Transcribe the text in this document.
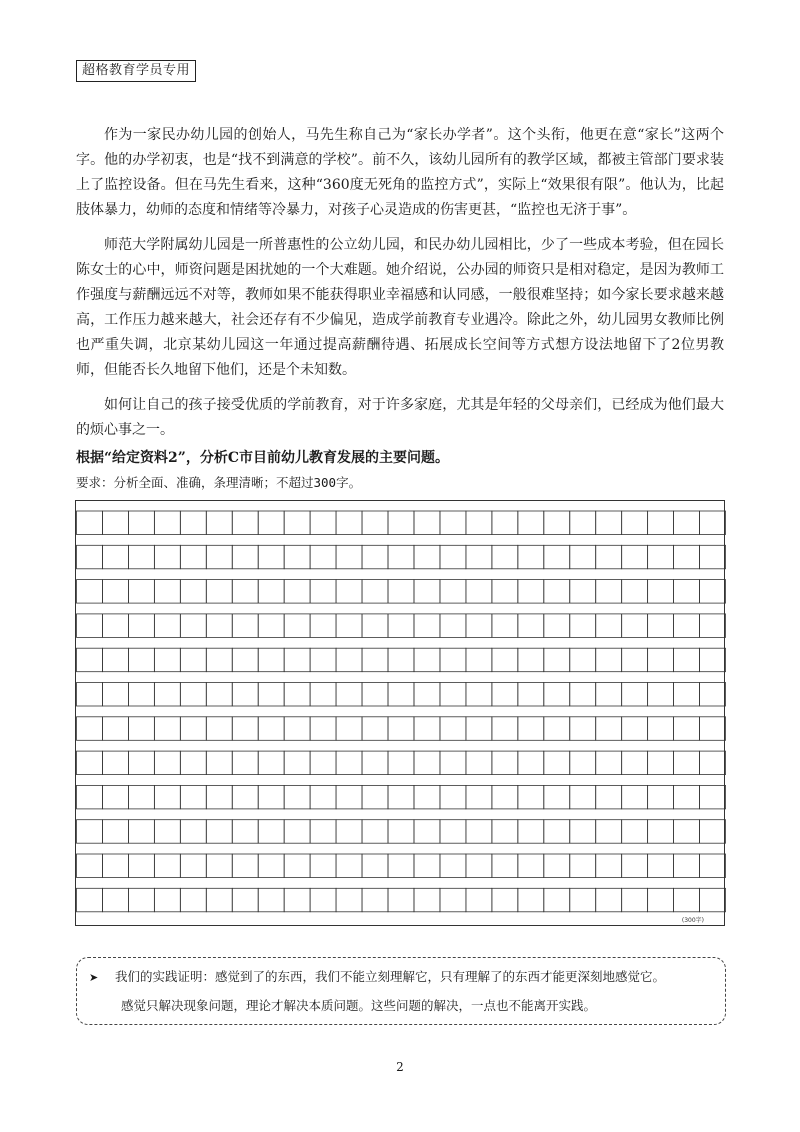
超格教育学员专用

作为一家民办幼儿园的创始人，马先生称自己为“家长办学者”。这个头衔，他更在意“家长”这两个字。他的办学初衷，也是“找不到满意的学校”。前不久，该幼儿园所有的教学区域，都被主管部门要求装上了监控设备。但在马先生看来，这种“360度无死角的监控方式”，实际上“效果很有限”。他认为，比起肢体暴力，幼师的态度和情绪等冷暴力，对孩子心灵造成的伤害更甚，“监控也无济于事”。

师范大学附属幼儿园是一所普惠性的公立幼儿园，和民办幼儿园相比，少了一些成本考验，但在园长陈女士的心中，师资问题是困扰她的一个大难题。她介绍说，公办园的师资只是相对稳定，是因为教师工作强度与薪酬远远不对等，教师如果不能获得职业幸福感和认同感，一般很难坚持；如今家长要求越来越高，工作压力越来越大，社会还存有不少偏见，造成学前教育专业遇冷。除此之外，幼儿园男女教师比例也严重失调，北京某幼儿园这一年通过提高薪酬待遇、拓展成长空间等方式想方设法地留下了2位男教师，但能否长久地留下他们，还是个未知数。

如何让自己的孩子接受优质的学前教育，对于许多家庭，尤其是年轻的父母亲们，已经成为他们最大的烦心事之一。

根据“给定资料2”，分析C市目前幼儿教育发展的主要问题。
要求：分析全面、准确，条理清晰；不超过300字。
(300字)
➤ 我们的实践证明：感觉到了的东西，我们不能立刻理解它，只有理解了的东西才能更深刻地感觉它。
感觉只解决现象问题，理论才解决本质问题。这些问题的解决，一点也不能离开实践。
2
